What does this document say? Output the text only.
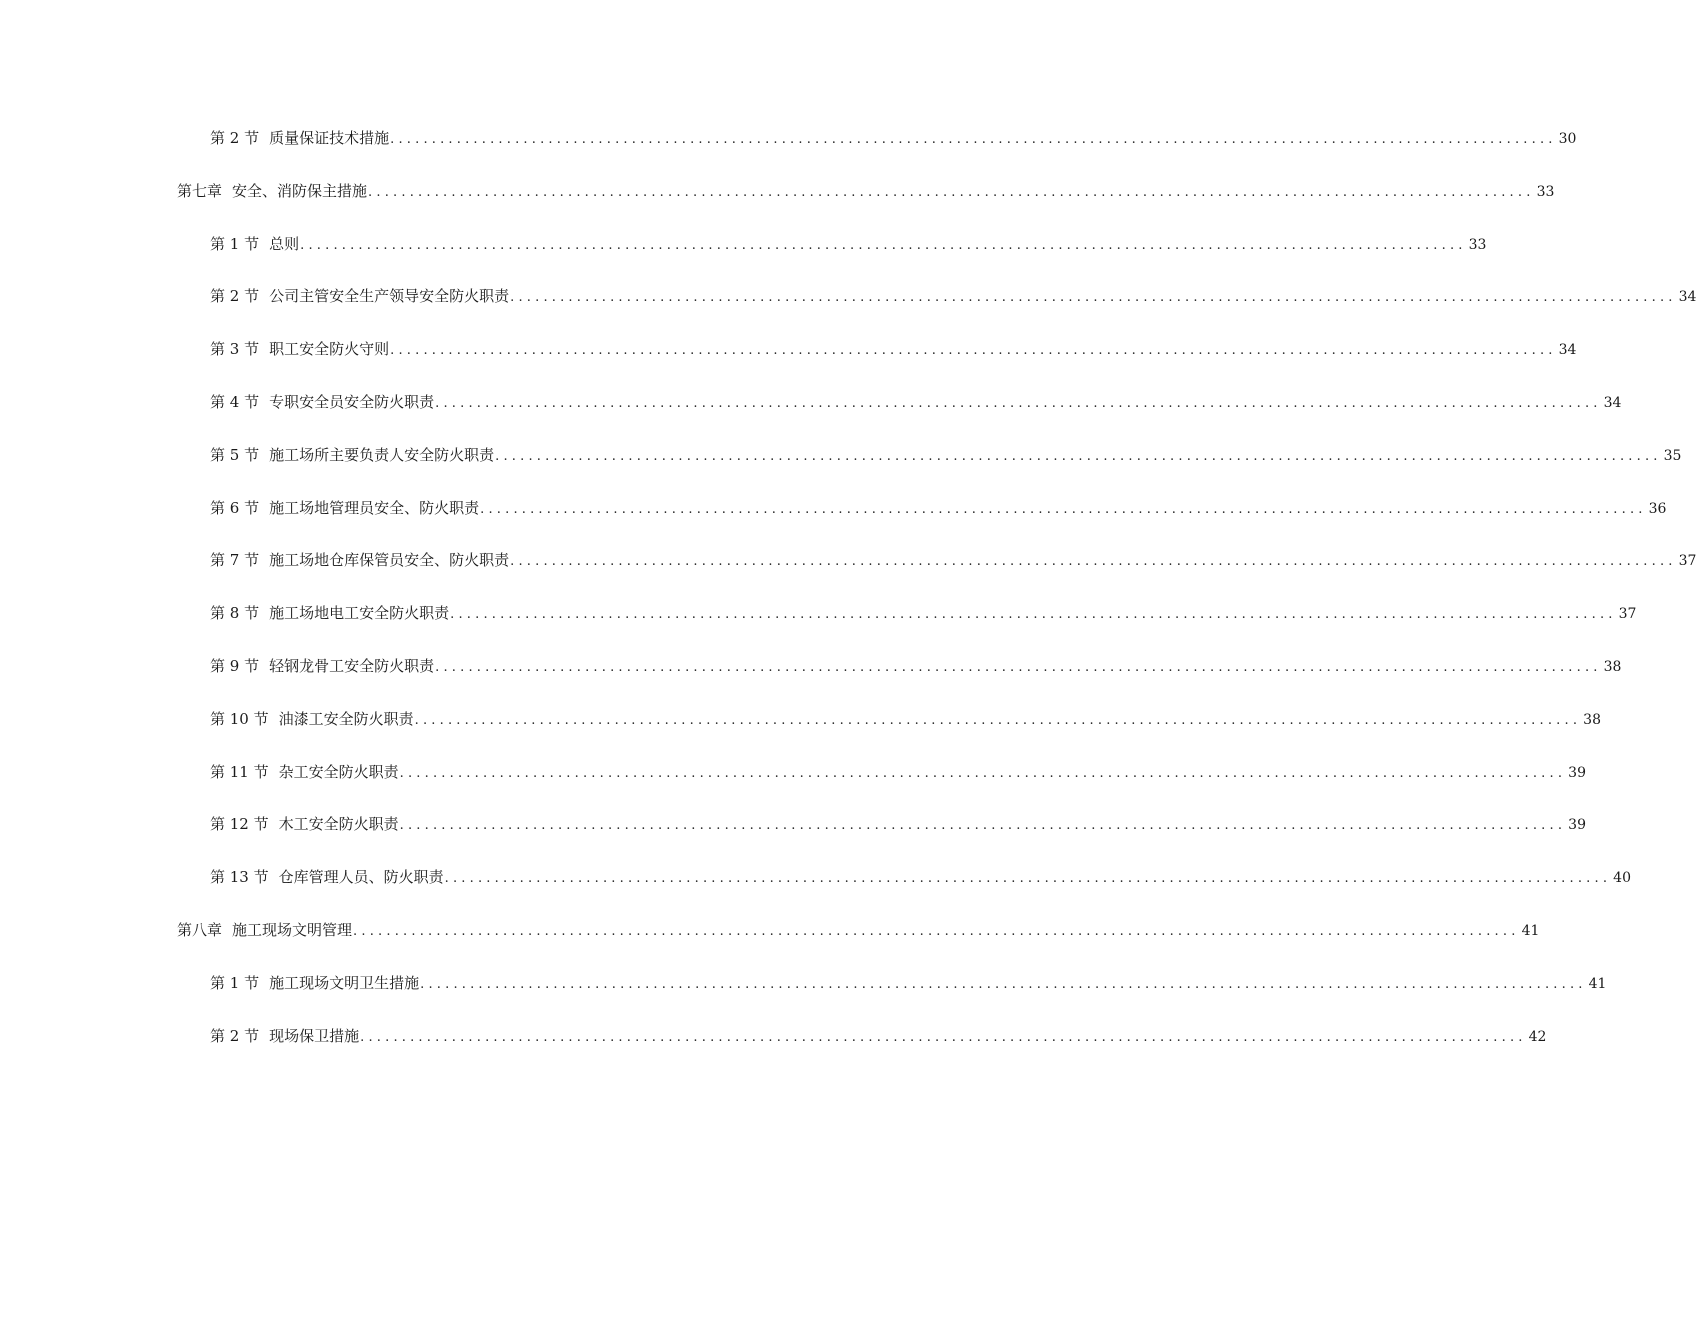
第 2 节 质量保证技术措施 ............................................................................................................................................ 30
第七章 安全、消防保主措施 ............................................................................................................................................ 33
第 1 节 总则 ............................................................................................................................................ 33
第 2 节 公司主管安全生产领导安全防火职责 ............................................................................................................................................ 34
第 3 节 职工安全防火守则 ............................................................................................................................................ 34
第 4 节 专职安全员安全防火职责 ............................................................................................................................................ 34
第 5 节 施工场所主要负责人安全防火职责 ............................................................................................................................................ 35
第 6 节 施工场地管理员安全、防火职责 ............................................................................................................................................ 36
第 7 节 施工场地仓库保管员安全、防火职责 ............................................................................................................................................ 37
第 8 节 施工场地电工安全防火职责 ............................................................................................................................................ 37
第 9 节 轻钢龙骨工安全防火职责 ............................................................................................................................................ 38
第 10 节 油漆工安全防火职责 ............................................................................................................................................ 38
第 11 节 杂工安全防火职责 ............................................................................................................................................ 39
第 12 节 木工安全防火职责 ............................................................................................................................................ 39
第 13 节 仓库管理人员、防火职责 ............................................................................................................................................ 40
第八章 施工现场文明管理 ............................................................................................................................................ 41
第 1 节 施工现场文明卫生措施 ............................................................................................................................................ 41
第 2 节 现场保卫措施 ............................................................................................................................................ 42
